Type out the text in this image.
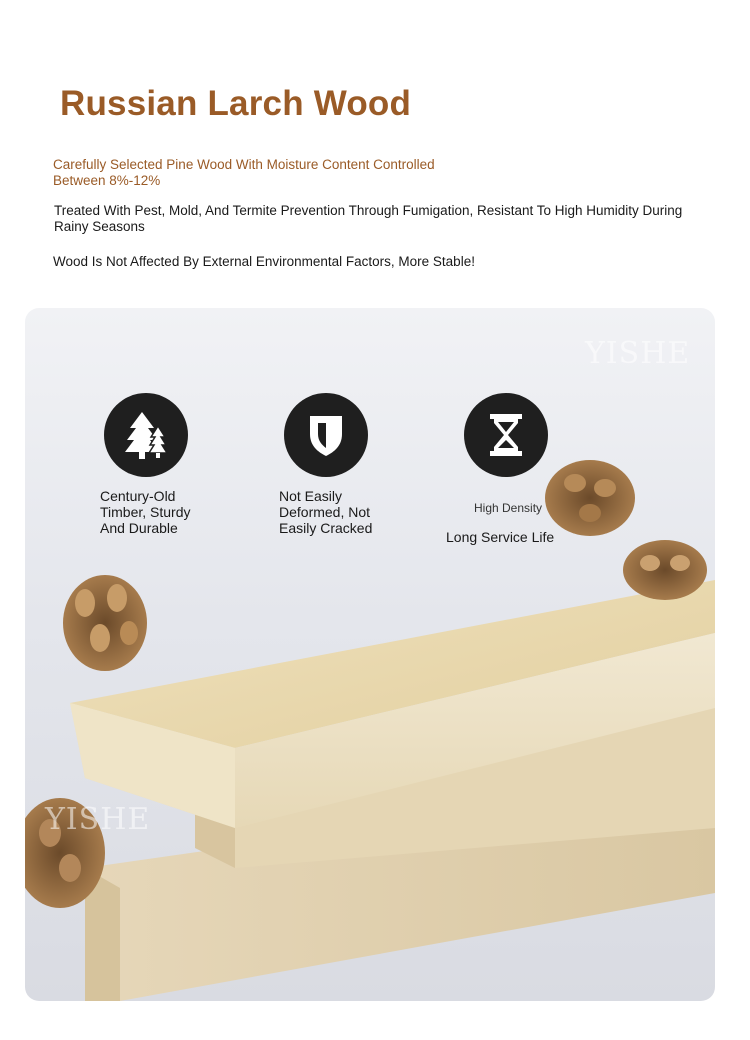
Russian Larch Wood

Carefully Selected Pine Wood With Moisture Content Controlled Between 8%-12%

Treated With Pest, Mold, And Termite Prevention Through Fumigation, Resistant To High Humidity During Rainy Seasons

Wood Is Not Affected By External Environmental Factors, More Stable!

YISHE
YISHE

Century-Old Timber, Sturdy And Durable

Not Easily Deformed, Not Easily Cracked

High Density

Long Service Life
